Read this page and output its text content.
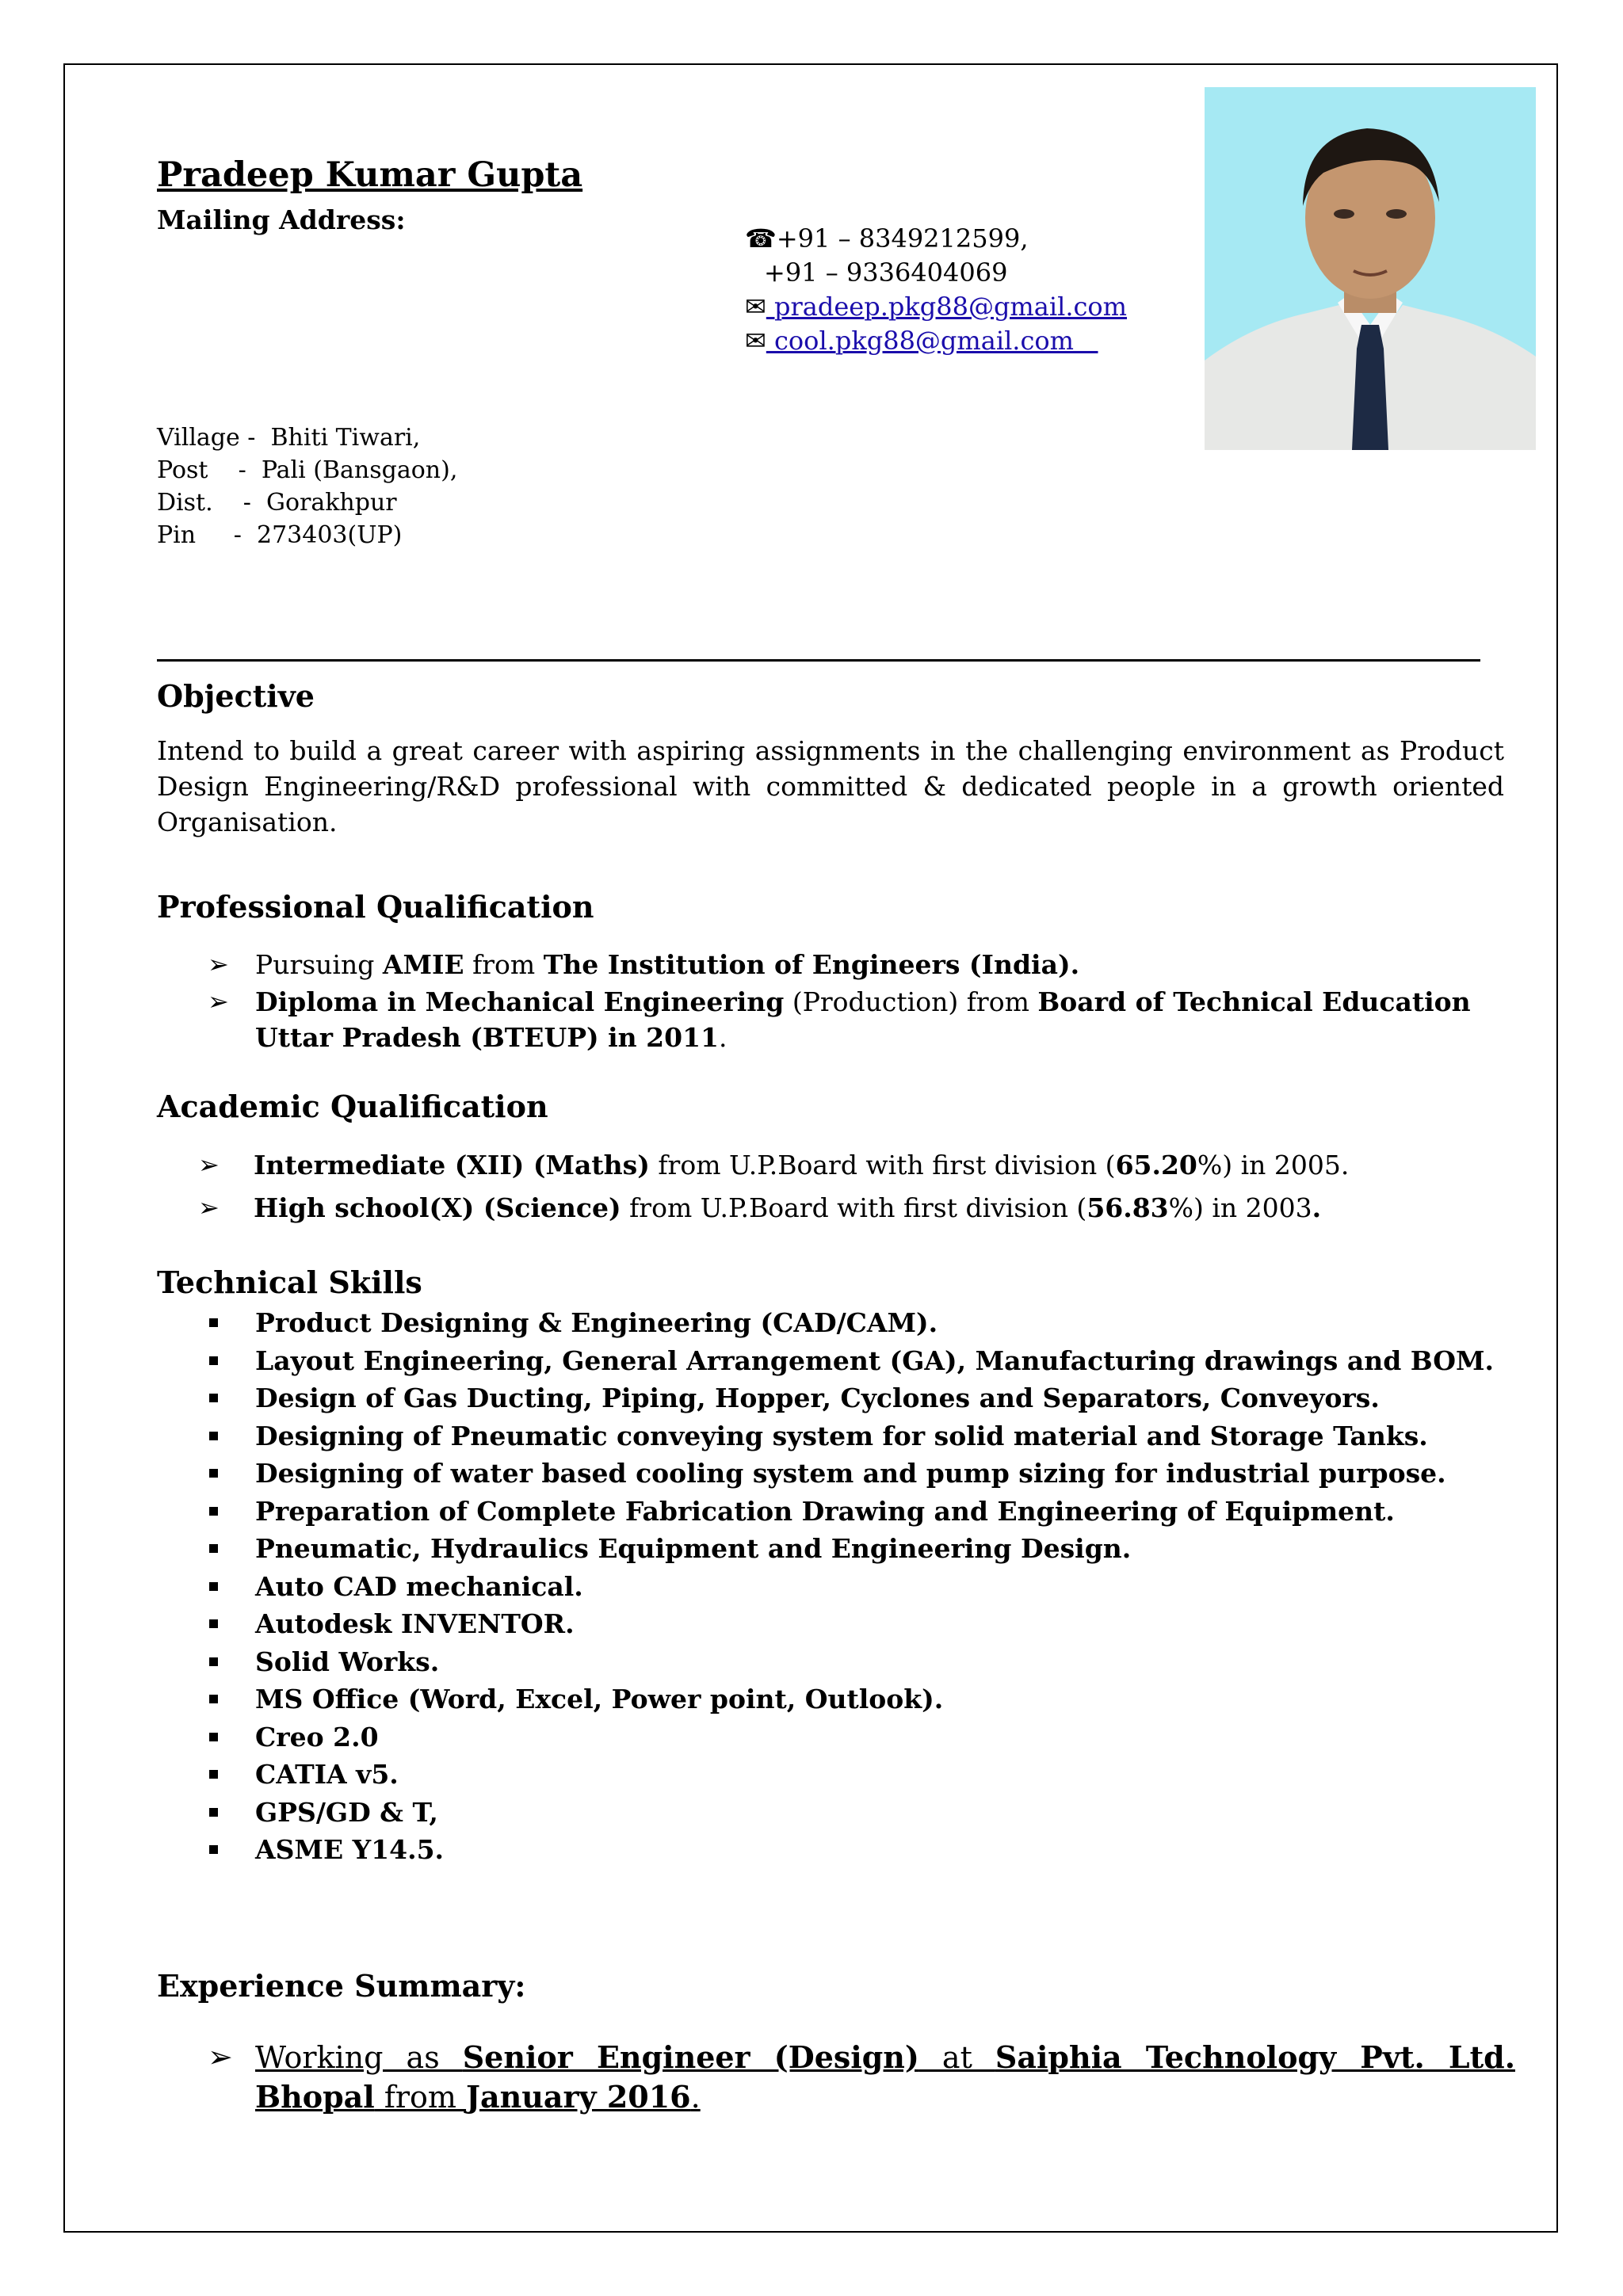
Pradeep Kumar Gupta
Mailing Address:
☎+91 – 8349212599,
+91 – 9336404069
✉ pradeep.pkg88@gmail.com
✉ cool.pkg88@gmail.com
Village -  Bhiti Tiwari,
Post    -  Pali (Bansgaon),
Dist.    -  Gorakhpur
Pin     -  273403(UP)
Objective
Intend to build a great career with aspiring assignments in the challenging environment as Product Design Engineering/R&D professional with committed & dedicated people in a growth oriented Organisation.
Professional Qualification
➢ Pursuing AMIE from The Institution of Engineers (India).
➢ Diploma in Mechanical Engineering (Production) from Board of Technical Education Uttar Pradesh (BTEUP) in 2011.
Academic Qualification
➢ Intermediate (XII) (Maths) from U.P.Board with first division (65.20%) in 2005.
➢ High school(X) (Science) from U.P.Board with first division (56.83%) in 2003.
Technical Skills
Product Designing & Engineering (CAD/CAM).
Layout Engineering, General Arrangement (GA), Manufacturing drawings and BOM.
Design of Gas Ducting, Piping, Hopper, Cyclones and Separators, Conveyors.
Designing of Pneumatic conveying system for solid material and Storage Tanks.
Designing of water based cooling system and pump sizing for industrial purpose.
Preparation of Complete Fabrication Drawing and Engineering of Equipment.
Pneumatic, Hydraulics Equipment and Engineering Design.
Auto CAD mechanical.
Autodesk INVENTOR.
Solid Works.
MS Office (Word, Excel, Power point, Outlook).
Creo 2.0
CATIA v5.
GPS/GD & T,
ASME Y14.5.
Experience Summary:
➢ Working as Senior Engineer (Design) at Saiphia Technology Pvt. Ltd. Bhopal from January 2016.
